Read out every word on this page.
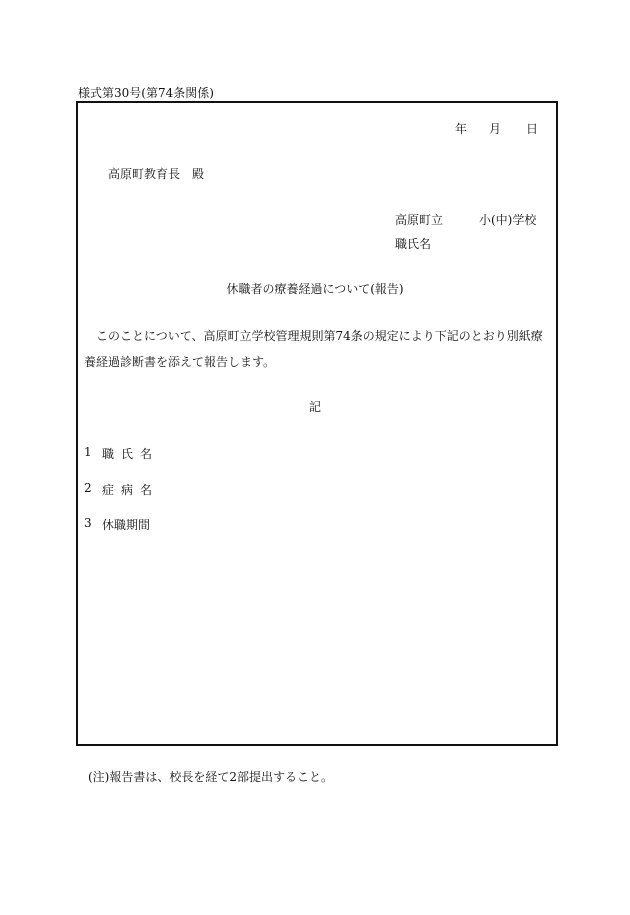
様式第30号(第74条関係)
年 月 日
高原町教育長　殿
高原町立	小(中)学校
職氏名
休職者の療養経過について(報告)
このことについて、高原町立学校管理規則第74条の規定により下記のとおり別紙療養経過診断書を添えて報告します。
記
1 職氏名
2 症病名
3 休職期間
(注)報告書は、校長を経て2部提出すること。
